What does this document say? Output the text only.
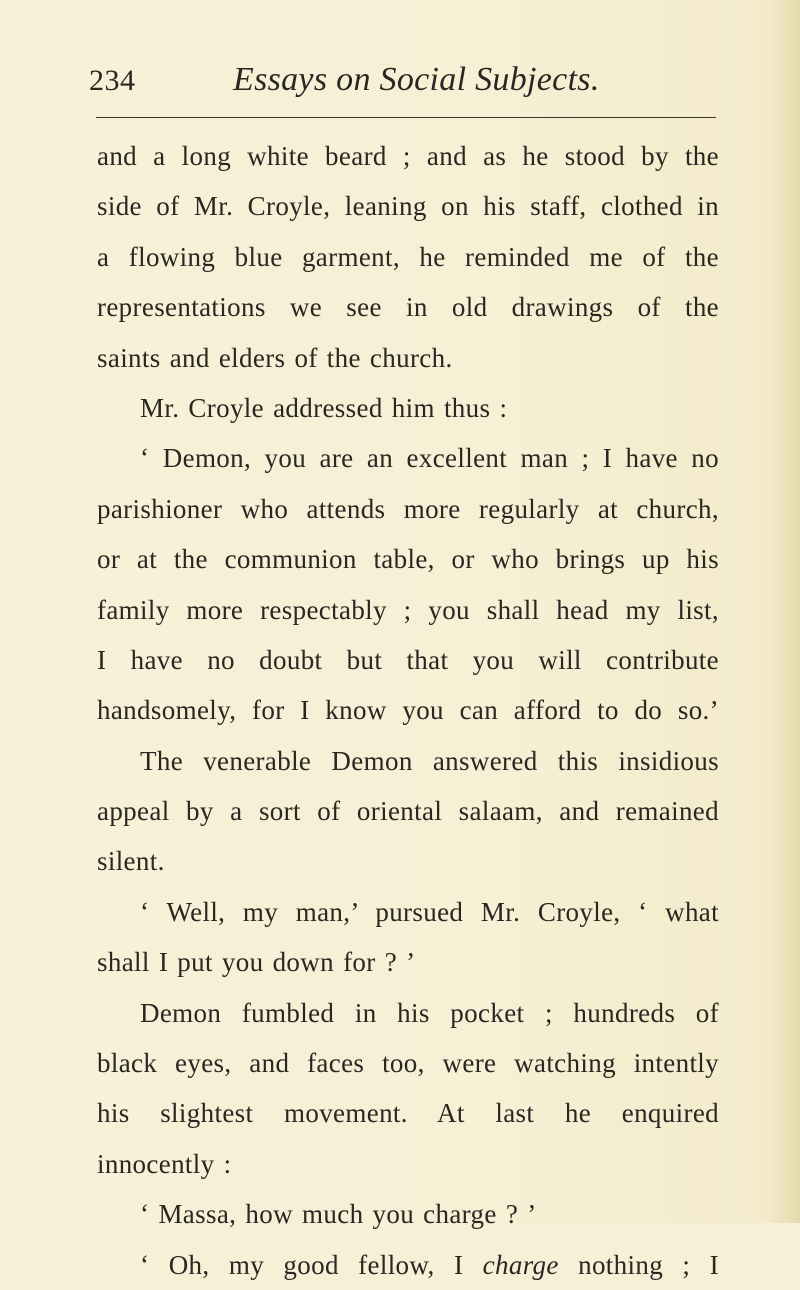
234	Essays on Social Subjects.
and a long white beard ; and as he stood by the
side of Mr. Croyle, leaning on his staff, clothed in
a flowing blue garment, he reminded me of the
representations we see in old drawings of the
saints and elders of the church.
Mr. Croyle addressed him thus :
‘ Demon, you are an excellent man ; I have no
parishioner who attends more regularly at church,
or at the communion table, or who brings up his
family more respectably ; you shall head my list,
I have no doubt but that you will contribute
handsomely, for I know you can afford to do so.’
The venerable Demon answered this insidious
appeal by a sort of oriental salaam, and remained
silent.
‘ Well, my man,’ pursued Mr. Croyle, ‘ what
shall I put you down for ? ’
Demon fumbled in his pocket ; hundreds of
black eyes, and faces too, were watching intently
his slightest movement. At last he enquired
innocently :
‘ Massa, how much you charge ? ’
‘ Oh, my good fellow, I charge nothing ; I
